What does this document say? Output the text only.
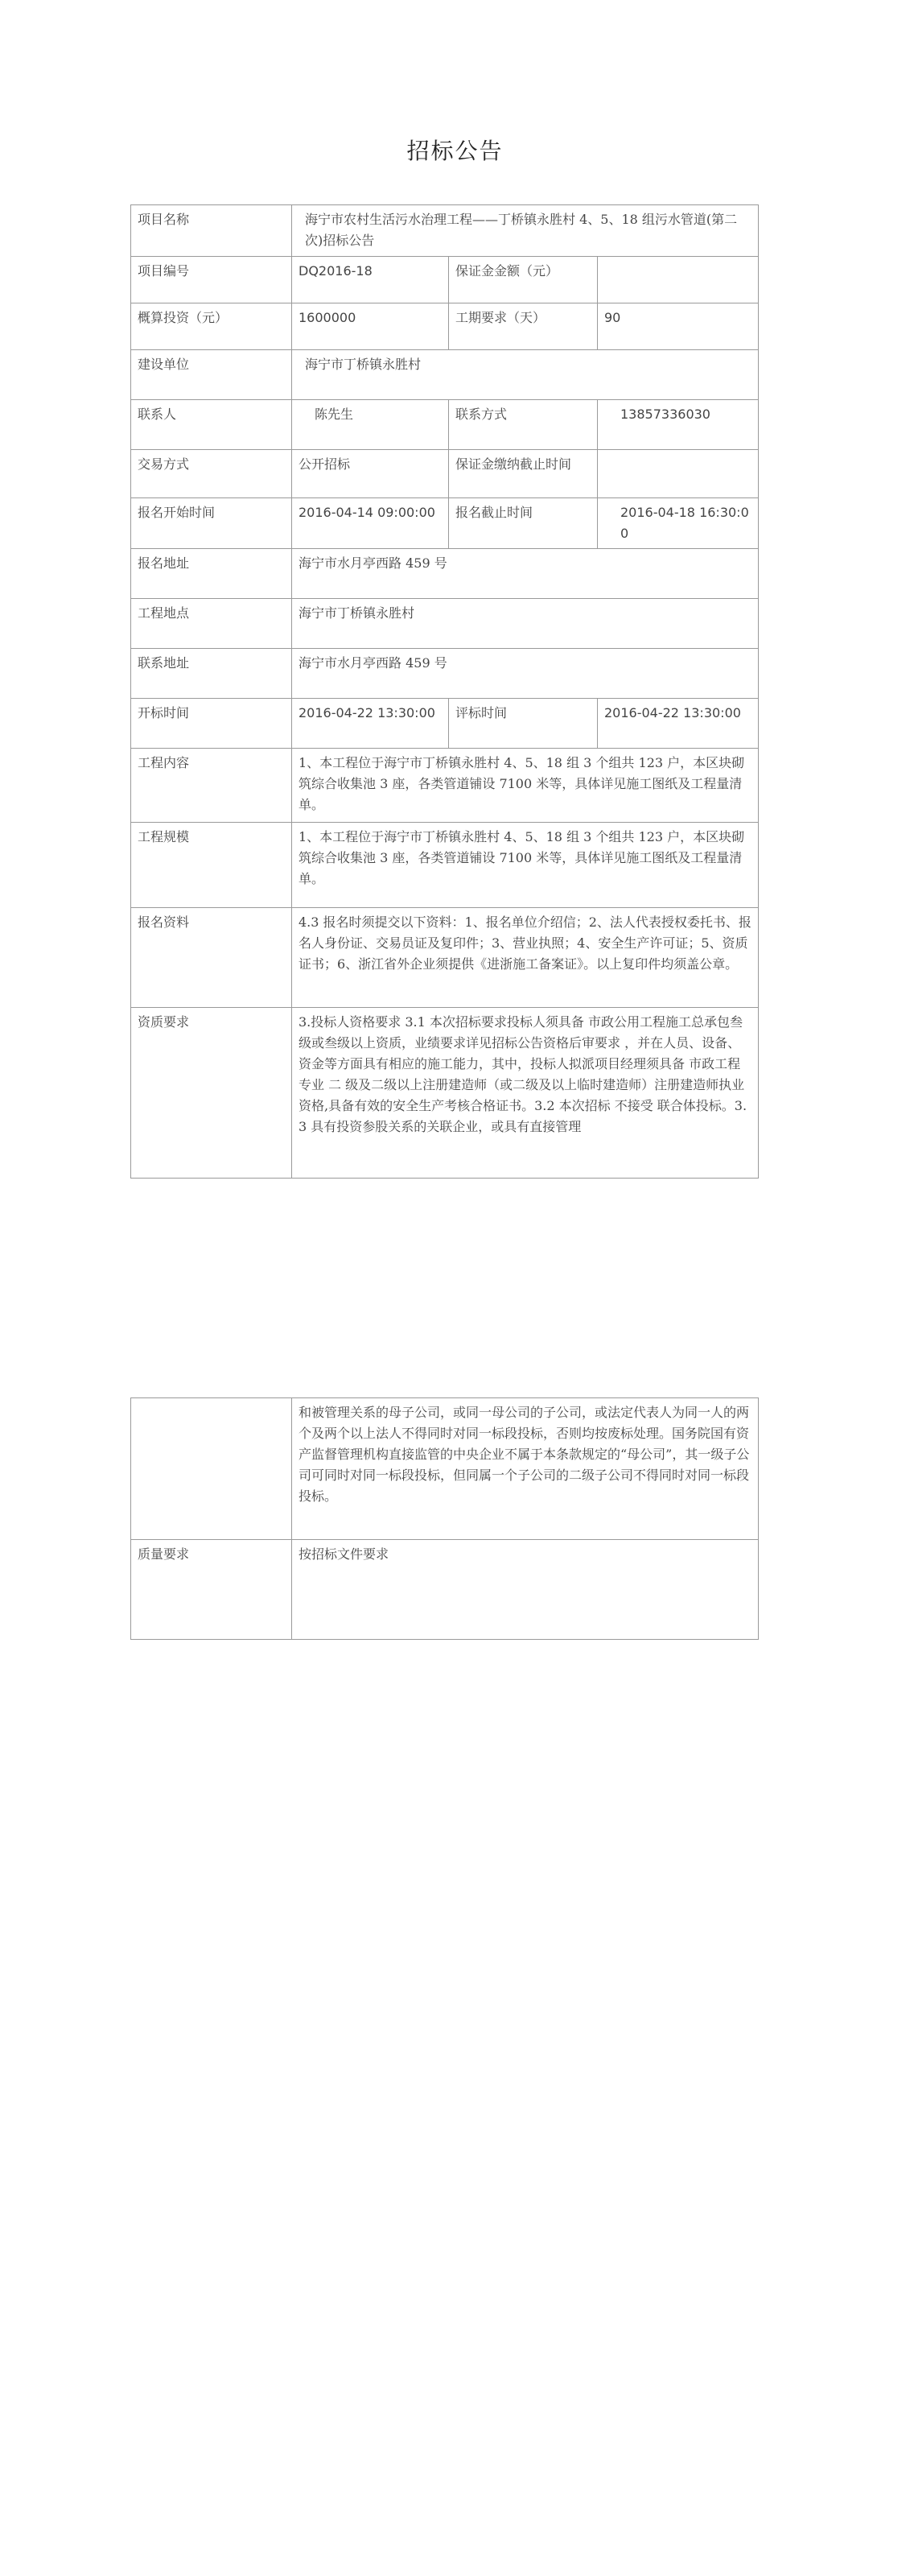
招标公告
项目名称	海宁市农村生活污水治理工程——丁桥镇永胜村 4、5、18 组污水管道(第二次)招标公告		
项目编号	DQ2016-18	保证金金额（元）	
概算投资（元）	1600000	工期要求（天）	90
建设单位	海宁市丁桥镇永胜村		
联系人	陈先生	联系方式	13857336030
交易方式	公开招标	保证金缴纳截止时间	
报名开始时间	2016-04-14 09:00:00	报名截止时间	2016-04-18 16:30:00
报名地址	海宁市水月亭西路 459 号		
工程地点	海宁市丁桥镇永胜村		
联系地址	海宁市水月亭西路 459 号		
开标时间	2016-04-22 13:30:00	评标时间	2016-04-22 13:30:00
工程内容	1、本工程位于海宁市丁桥镇永胜村 4、5、18 组 3 个组共 123 户，本区块砌筑综合收集池 3 座，各类管道铺设 7100 米等，具体详见施工图纸及工程量清单。		
工程规模	1、本工程位于海宁市丁桥镇永胜村 4、5、18 组 3 个组共 123 户，本区块砌筑综合收集池 3 座，各类管道铺设 7100 米等，具体详见施工图纸及工程量清单。		
报名资料	4.3 报名时须提交以下资料：1、报名单位介绍信；2、法人代表授权委托书、报名人身份证、交易员证及复印件；3、营业执照；4、安全生产许可证；5、资质证书；6、浙江省外企业须提供《进浙施工备案证》。以上复印件均须盖公章。		
资质要求	3.投标人资格要求 3.1 本次招标要求投标人须具备 市政公用工程施工总承包叁级或叁级以上资质，业绩要求详见招标公告资格后审要求 ，并在人员、设备、资金等方面具有相应的施工能力，其中，投标人拟派项目经理须具备 市政工程 专业 二 级及二级以上注册建造师（或二级及以上临时建造师）注册建造师执业资格,具备有效的安全生产考核合格证书。3.2 本次招标 不接受 联合体投标。3.3 具有投资参股关系的关联企业，或具有直接管理		
	和被管理关系的母子公司，或同一母公司的子公司，或法定代表人为同一人的两个及两个以上法人不得同时对同一标段投标，否则均按废标处理。国务院国有资产监督管理机构直接监管的中央企业不属于本条款规定的“母公司”，其一级子公司可同时对同一标段投标，但同属一个子公司的二级子公司不得同时对同一标段投标。
质量要求	按招标文件要求
